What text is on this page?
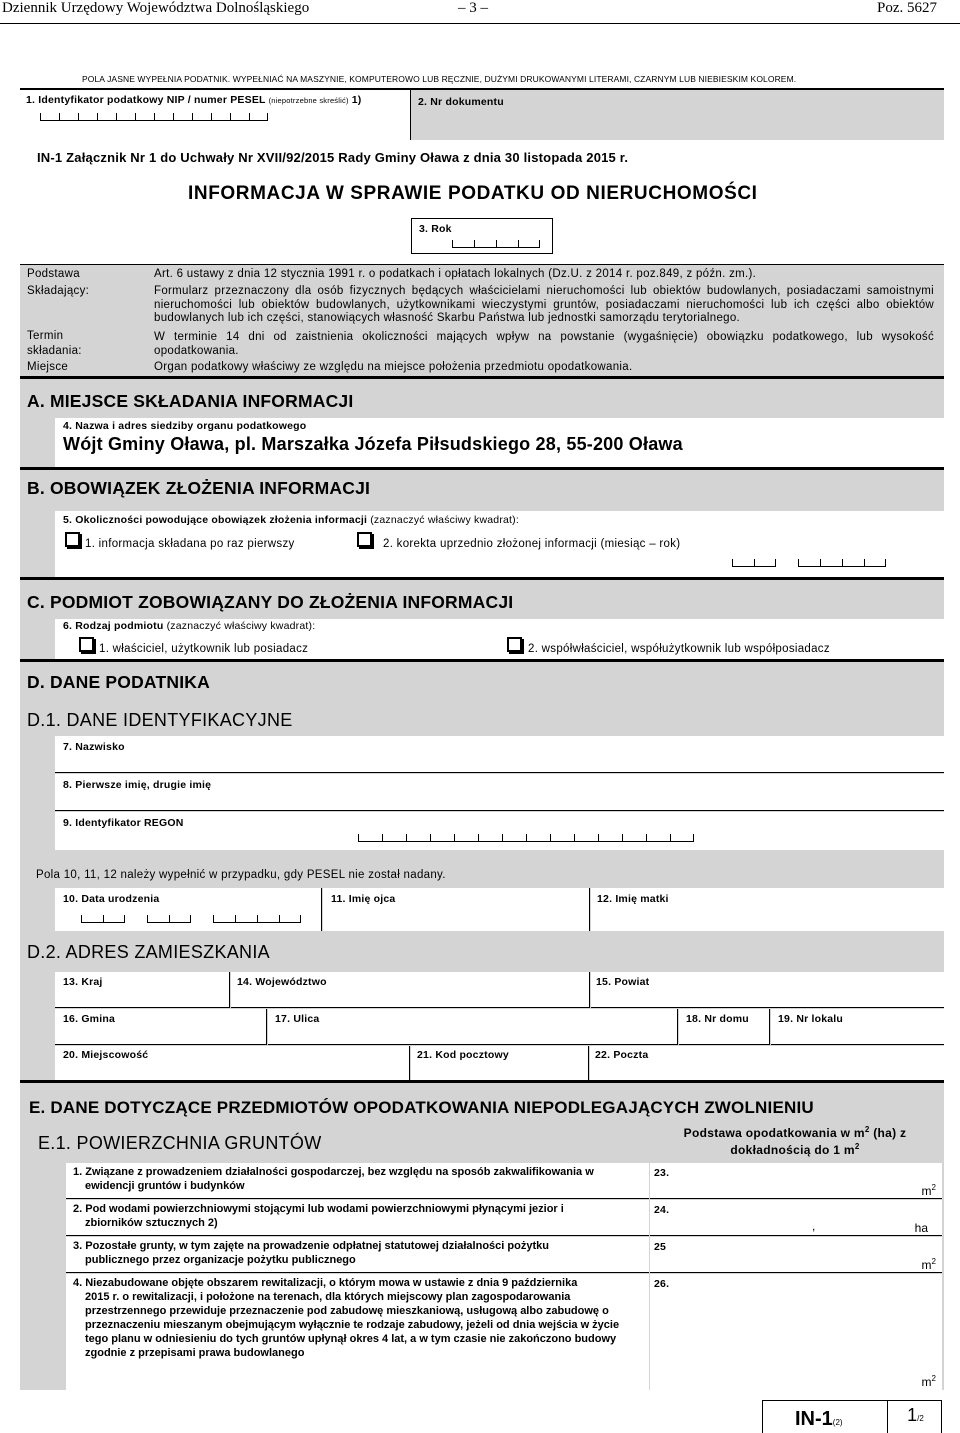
Dziennik Urzędowy Województwa Dolnośląskiego	– 3 –	Poz. 5627
POLA JASNE WYPEŁNIA PODATNIK. WYPEŁNIAĆ NA MASZYNIE, KOMPUTEROWO LUB RĘCZNIE, DUŻYMI DRUKOWANYMI LITERAMI, CZARNYM LUB NIEBIESKIM KOLOREM.
1. Identyfikator podatkowy NIP / numer PESEL (niepotrzebne skreślić) 1)	2. Nr dokumentu
IN-1 Załącznik Nr 1 do Uchwały Nr XVII/92/2015 Rady Gminy Oława z dnia 30 listopada 2015 r.
INFORMACJA W SPRAWIE PODATKU OD NIERUCHOMOŚCI
3. Rok
Podstawa	Art. 6 ustawy z dnia 12 stycznia 1991 r. o podatkach i opłatach lokalnych (Dz.U. z 2014 r. poz.849, z późn. zm.).
Składający:	Formularz przeznaczony dla osób fizycznych będących właścicielami nieruchomości lub obiektów budowlanych, posiadaczami samoistnymi nieruchomości lub obiektów budowlanych, użytkownikami wieczystymi gruntów, posiadaczami nieruchomości lub ich części albo obiektów budowlanych lub ich części, stanowiących własność Skarbu Państwa lub jednostki samorządu terytorialnego.
Termin
składania:
W terminie 14 dni od zaistnienia okoliczności mających wpływ na powstanie (wygaśnięcie) obowiązku podatkowego, lub wysokość opodatkowania.
Miejsce	Organ podatkowy właściwy ze względu na miejsce położenia przedmiotu opodatkowania.
A. MIEJSCE SKŁADANIA INFORMACJI
4. Nazwa i adres siedziby organu podatkowego
Wójt Gminy Oława, pl. Marszałka Józefa Piłsudskiego 28, 55-200 Oława
B. OBOWIĄZEK ZŁOŻENIA INFORMACJI
5. Okoliczności powodujące obowiązek złożenia informacji (zaznaczyć właściwy kwadrat):
1. informacja składana po raz pierwszy	2. korekta uprzednio złożonej informacji (miesiąc – rok)
C. PODMIOT ZOBOWIĄZANY DO ZŁOŻENIA INFORMACJI
6. Rodzaj podmiotu (zaznaczyć właściwy kwadrat):
1. właściciel, użytkownik lub posiadacz	2. współwłaściciel, współużytkownik lub współposiadacz
D. DANE PODATNIKA
D.1. DANE IDENTYFIKACYJNE
7. Nazwisko
8. Pierwsze imię, drugie imię
9. Identyfikator REGON
Pola 10, 11, 12 należy wypełnić w przypadku, gdy PESEL nie został nadany.
10. Data urodzenia	11. Imię ojca	12. Imię matki
D.2. ADRES ZAMIESZKANIA
13. Kraj	14. Województwo	15. Powiat
16. Gmina	17. Ulica	18. Nr domu	19. Nr lokalu
20. Miejscowość	21. Kod pocztowy	22. Poczta
E. DANE DOTYCZĄCE PRZEDMIOTÓW OPODATKOWANIA NIEPODLEGAJĄCYCH ZWOLNIENIU
E.1. POWIERZCHNIA GRUNTÓW	Podstawa opodatkowania w $m^2$ (ha) z
dokładnością do 1 $m^2$
1. Związane z prowadzeniem działalności gospodarczej, bez względu na sposób zakwalifikowania w
ewidencji gruntów i budynków
23.
$m^2$
2. Pod wodami powierzchniowymi stojącymi lub wodami powierzchniowymi płynącymi jezior i
zbiorników sztucznych 2)
24.
,	ha
3. Pozostałe grunty, w tym zajęte na prowadzenie odpłatnej statutowej działalności pożytku
publicznego przez organizacje pożytku publicznego
25
$m^2$
4. Niezabudowane objęte obszarem rewitalizacji, o którym mowa w ustawie z dnia 9 października
2015 r. o rewitalizacji, i położone na terenach, dla których miejscowy plan zagospodarowania przestrzennego przewiduje przeznaczenie pod zabudowę mieszkaniową, usługową albo zabudowę o przeznaczeniu mieszanym obejmującym wyłącznie te rodzaje zabudowy, jeżeli od dnia wejścia w życie tego planu w odniesieniu do tych gruntów upłynął okres 4 lat, a w tym czasie nie zakończono budowy zgodnie z przepisami prawa budowlanego
26.
$m^2$
IN-1(2)	1/2
